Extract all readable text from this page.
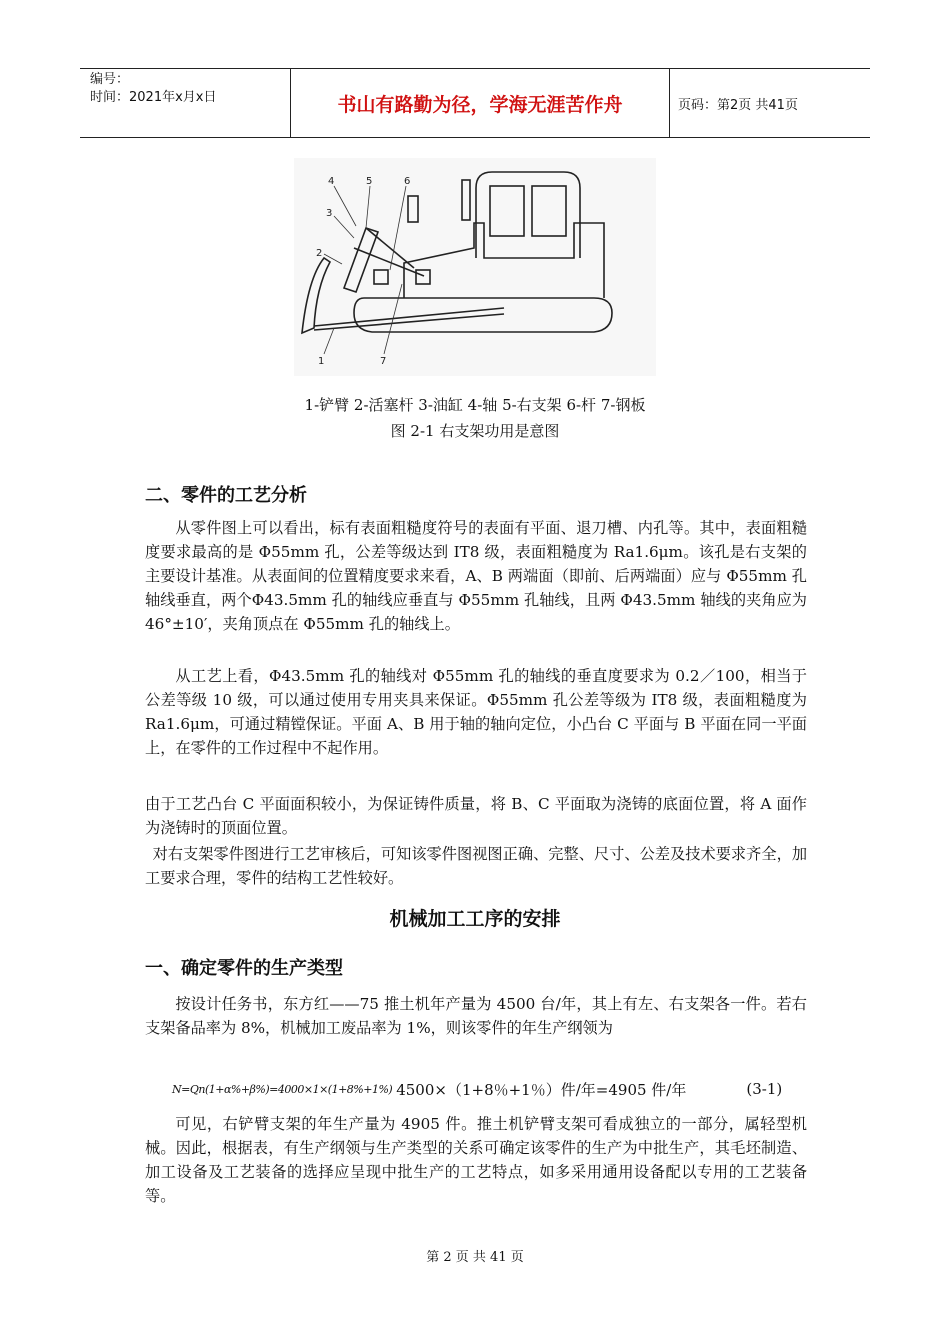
编号：
时间：2021年x月x日	书山有路勤为径，学海无涯苦作舟	页码：第2页 共41页
4	5	6
3
2
1	7
1-铲臂 2-活塞杆 3-油缸 4-轴 5-右支架 6-杆 7-钢板
图 2-1 右支架功用是意图
二、零件的工艺分析
从零件图上可以看出，标有表面粗糙度符号的表面有平面、退刀槽、内孔等。其中，表面粗糙度要求最高的是 Φ55mm 孔，公差等级达到 IT8 级，表面粗糙度为 Ra1.6μm。该孔是右支架的主要设计基准。从表面间的位置精度要求来看，A、B 两端面（即前、后两端面）应与 Φ55mm 孔轴线垂直，两个Φ43.5mm 孔的轴线应垂直与 Φ55mm 孔轴线，且两 Φ43.5mm 轴线的夹角应为 46°±10′，夹角顶点在 Φ55mm 孔的轴线上。
从工艺上看，Φ43.5mm 孔的轴线对 Φ55mm 孔的轴线的垂直度要求为 0.2／100，相当于公差等级 10 级，可以通过使用专用夹具来保证。Φ55mm 孔公差等级为 IT8 级，表面粗糙度为 Ra1.6μm，可通过精镗保证。平面 A、B 用于轴的轴向定位，小凸台 C 平面与 B 平面在同一平面上，在零件的工作过程中不起作用。
由于工艺凸台 C 平面面积较小，为保证铸件质量，将 B、C 平面取为浇铸的底面位置，将 A 面作为浇铸时的顶面位置。
对右支架零件图进行工艺审核后，可知该零件图视图正确、完整、尺寸、公差及技术要求齐全，加工要求合理，零件的结构工艺性较好。
机械加工工序的安排
一、确定零件的生产类型
按设计任务书，东方红——75 推土机年产量为 4500 台/年，其上有左、右支架各一件。若右支架备品率为 8%，机械加工废品率为 1%，则该零件的年生产纲领为
N=Qn(1+α%+β%)=4000×1×(1+8%+1%) 4500×（1+8％+1％）件/年=4905 件/年	(3-1)
可见，右铲臂支架的年生产量为 4905 件。推土机铲臂支架可看成独立的一部分，属轻型机械。因此，根据表，有生产纲领与生产类型的关系可确定该零件的生产为中批生产，其毛坯制造、加工设备及工艺装备的选择应呈现中批生产的工艺特点，如多采用通用设备配以专用的工艺装备等。
第 2 页 共 41 页
